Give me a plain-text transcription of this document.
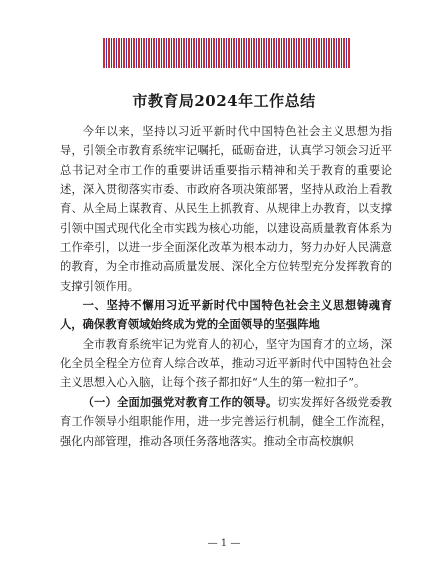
市教育局2024年工作总结

今年以来，坚持以习近平新时代中国特色社会主义思想为指导，引领全市教育系统牢记嘱托，砥砺奋进，认真学习领会习近平总书记对全市工作的重要讲话重要指示精神和关于教育的重要论述，深入贯彻落实市委、市政府各项决策部署，坚持从政治上看教育、从全局上谋教育、从民生上抓教育、从规律上办教育，以支撑引领中国式现代化全市实践为核心功能，以建设高质量教育体系为工作牵引，以进一步全面深化改革为根本动力，努力办好人民满意的教育，为全市推动高质量发展、深化全方位转型充分发挥教育的支撑引领作用。

一、坚持不懈用习近平新时代中国特色社会主义思想铸魂育人，确保教育领域始终成为党的全面领导的坚强阵地

全市教育系统牢记为党育人的初心，坚守为国育才的立场，深化全员全程全方位育人综合改革，推动习近平新时代中国特色社会主义思想入心入脑，让每个孩子都扣好“人生的第一粒扣子”。

（一）全面加强党对教育工作的领导。切实发挥好各级党委教育工作领导小组职能作用，进一步完善运行机制，健全工作流程，强化内部管理，推动各项任务落地落实。推动全市高校旗帜

— 1 —
